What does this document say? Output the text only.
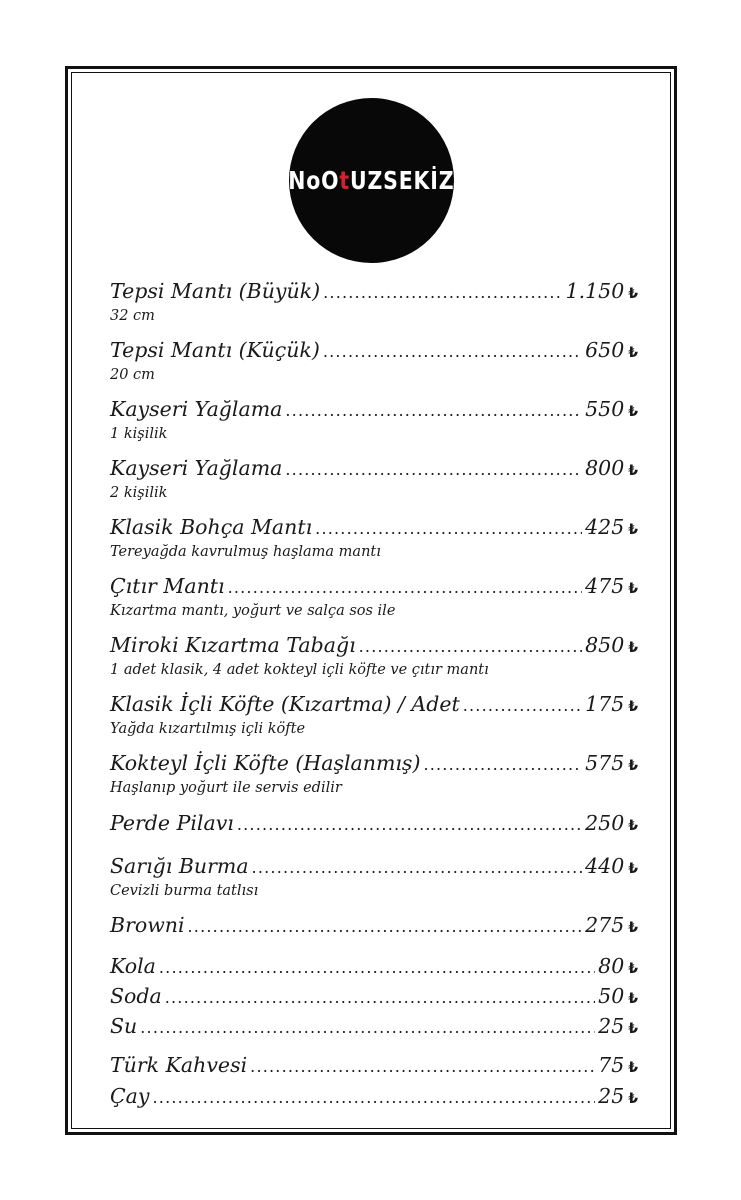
NoOtUZSEKİZ
Tepsi Mantı (Büyük) .....	1.150 ₺
32 cm
Tepsi Mantı (Küçük) .....	650 ₺
20 cm
Kayseri Yağlama .....	550 ₺
1 kişilik
Kayseri Yağlama .....	800 ₺
2 kişilik
Klasik Bohça Mantı .....	425 ₺
Tereyağda kavrulmuş haşlama mantı
Çıtır Mantı .....	475 ₺
Kızartma mantı, yoğurt ve salça sos ile
Miroki Kızartma Tabağı .....	850 ₺
1 adet klasik, 4 adet kokteyl içli köfte ve çıtır mantı
Klasik İçli Köfte (Kızartma) / Adet .....	175 ₺
Yağda kızartılmış içli köfte
Kokteyl İçli Köfte (Haşlanmış) .....	575 ₺
Haşlanıp yoğurt ile servis edilir
Perde Pilavı .....	250 ₺
Sarığı Burma .....	440 ₺
Cevizli burma tatlısı
Browni .....	275 ₺
Kola .....	80 ₺
Soda .....	50 ₺
Su .....	25 ₺
Türk Kahvesi .....	75 ₺
Çay .....	25 ₺
